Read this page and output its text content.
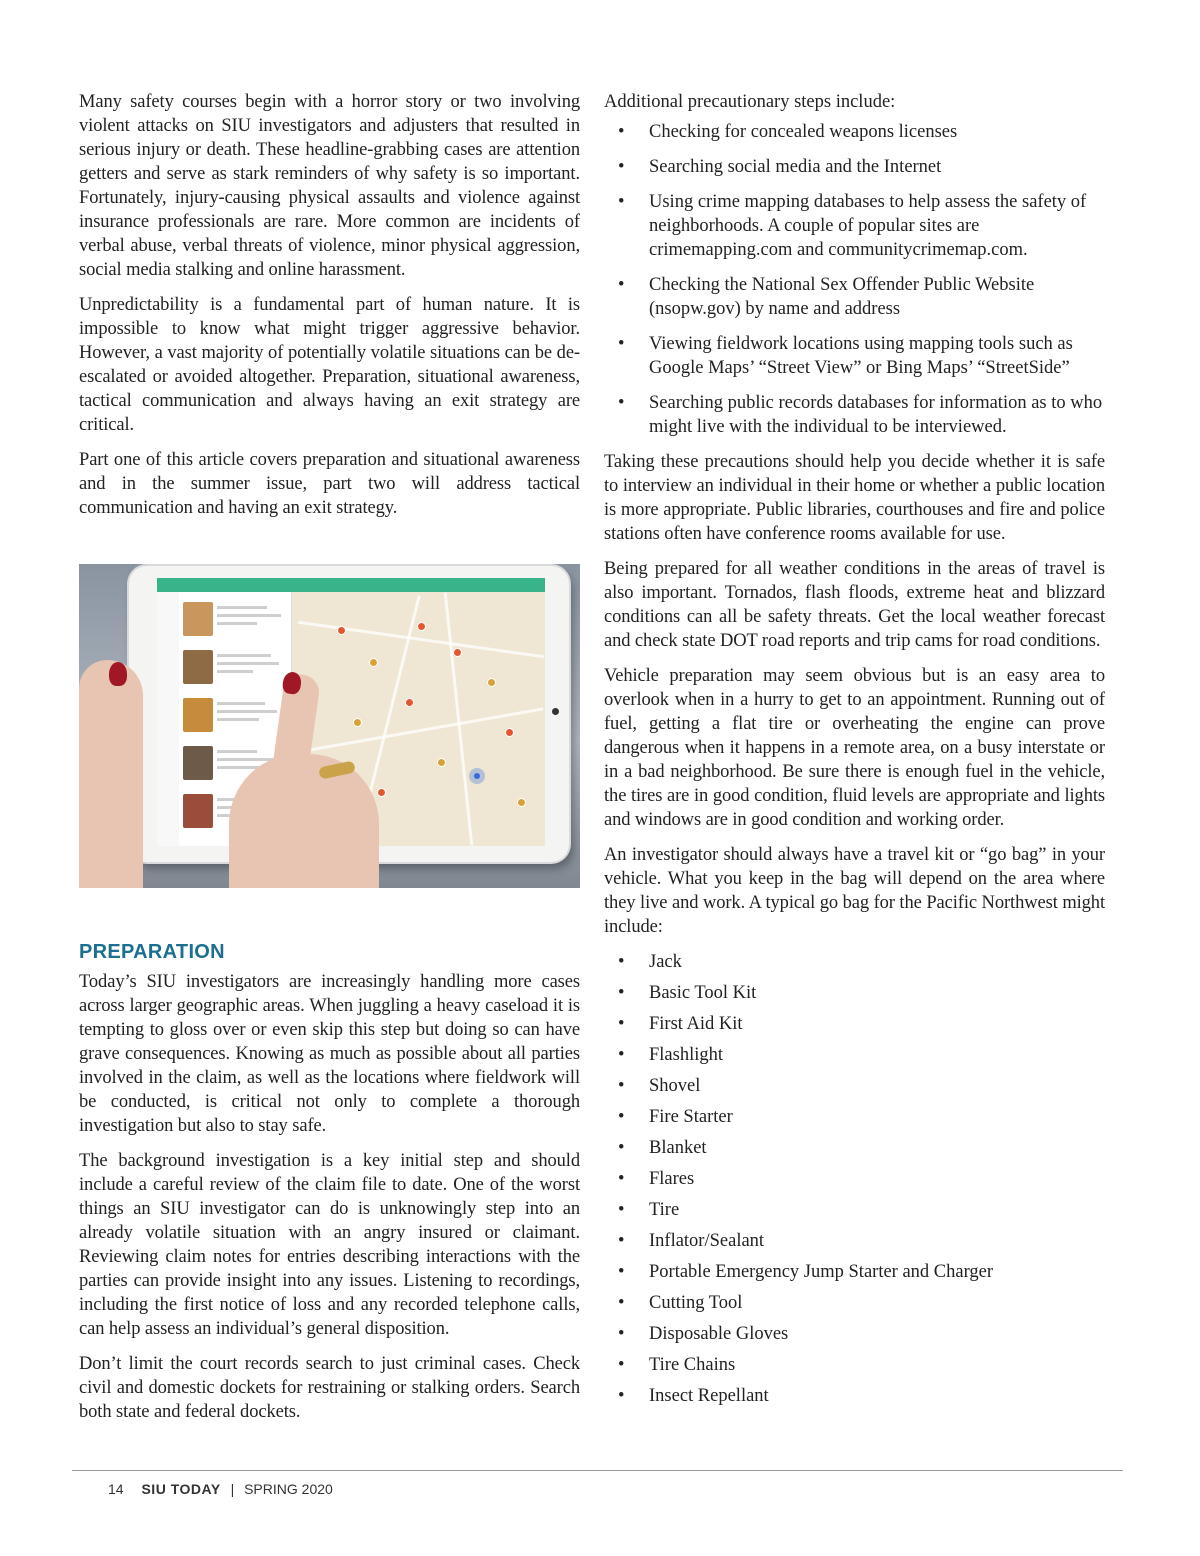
Many safety courses begin with a horror story or two involving violent attacks on SIU investigators and adjusters that resulted in serious injury or death. These headline-grabbing cases are attention getters and serve as stark reminders of why safety is so important. Fortunately, injury-causing physical assaults and violence against insurance professionals are rare. More common are incidents of verbal abuse, verbal threats of violence, minor physical aggression, social media stalking and online harassment.

Unpredictability is a fundamental part of human nature. It is impossible to know what might trigger aggressive behavior. However, a vast majority of potentially volatile situations can be de-escalated or avoided altogether. Preparation, situational awareness, tactical communication and always having an exit strategy are critical.

Part one of this article covers preparation and situational awareness and in the summer issue, part two will address tactical communication and having an exit strategy.

PREPARATION

Today’s SIU investigators are increasingly handling more cases across larger geographic areas. When juggling a heavy caseload it is tempting to gloss over or even skip this step but doing so can have grave consequences. Knowing as much as possible about all parties involved in the claim, as well as the locations where fieldwork will be conducted, is critical not only to complete a thorough investigation but also to stay safe.

The background investigation is a key initial step and should include a careful review of the claim file to date. One of the worst things an SIU investigator can do is unknowingly step into an already volatile situation with an angry insured or claimant. Reviewing claim notes for entries describing interactions with the parties can provide insight into any issues. Listening to recordings, including the first notice of loss and any recorded telephone calls, can help assess an individual’s general disposition.

Don’t limit the court records search to just criminal cases. Check civil and domestic dockets for restraining or stalking orders. Search both state and federal dockets.

Additional precautionary steps include:
• Checking for concealed weapons licenses
• Searching social media and the Internet
• Using crime mapping databases to help assess the safety of neighborhoods. A couple of popular sites are crimemapping.com and communitycrimemap.com.
• Checking the National Sex Offender Public Website (nsopw.gov) by name and address
• Viewing fieldwork locations using mapping tools such as Google Maps’ “Street View” or Bing Maps’ “StreetSide”
• Searching public records databases for information as to who might live with the individual to be interviewed.

Taking these precautions should help you decide whether it is safe to interview an individual in their home or whether a public location is more appropriate. Public libraries, courthouses and fire and police stations often have conference rooms available for use.

Being prepared for all weather conditions in the areas of travel is also important. Tornados, flash floods, extreme heat and blizzard conditions can all be safety threats. Get the local weather forecast and check state DOT road reports and trip cams for road conditions.

Vehicle preparation may seem obvious but is an easy area to overlook when in a hurry to get to an appointment. Running out of fuel, getting a flat tire or overheating the engine can prove dangerous when it happens in a remote area, on a busy interstate or in a bad neighborhood. Be sure there is enough fuel in the vehicle, the tires are in good condition, fluid levels are appropriate and lights and windows are in good condition and working order.

An investigator should always have a travel kit or “go bag” in your vehicle. What you keep in the bag will depend on the area where they live and work. A typical go bag for the Pacific Northwest might include:

• Jack
• Basic Tool Kit
• First Aid Kit
• Flashlight
• Shovel
• Fire Starter
• Blanket
• Flares
• Tire
• Inflator/Sealant
• Portable Emergency Jump Starter and Charger
• Cutting Tool
• Disposable Gloves
• Tire Chains
• Insect Repellant
14 SIU TODAY | SPRING 2020
